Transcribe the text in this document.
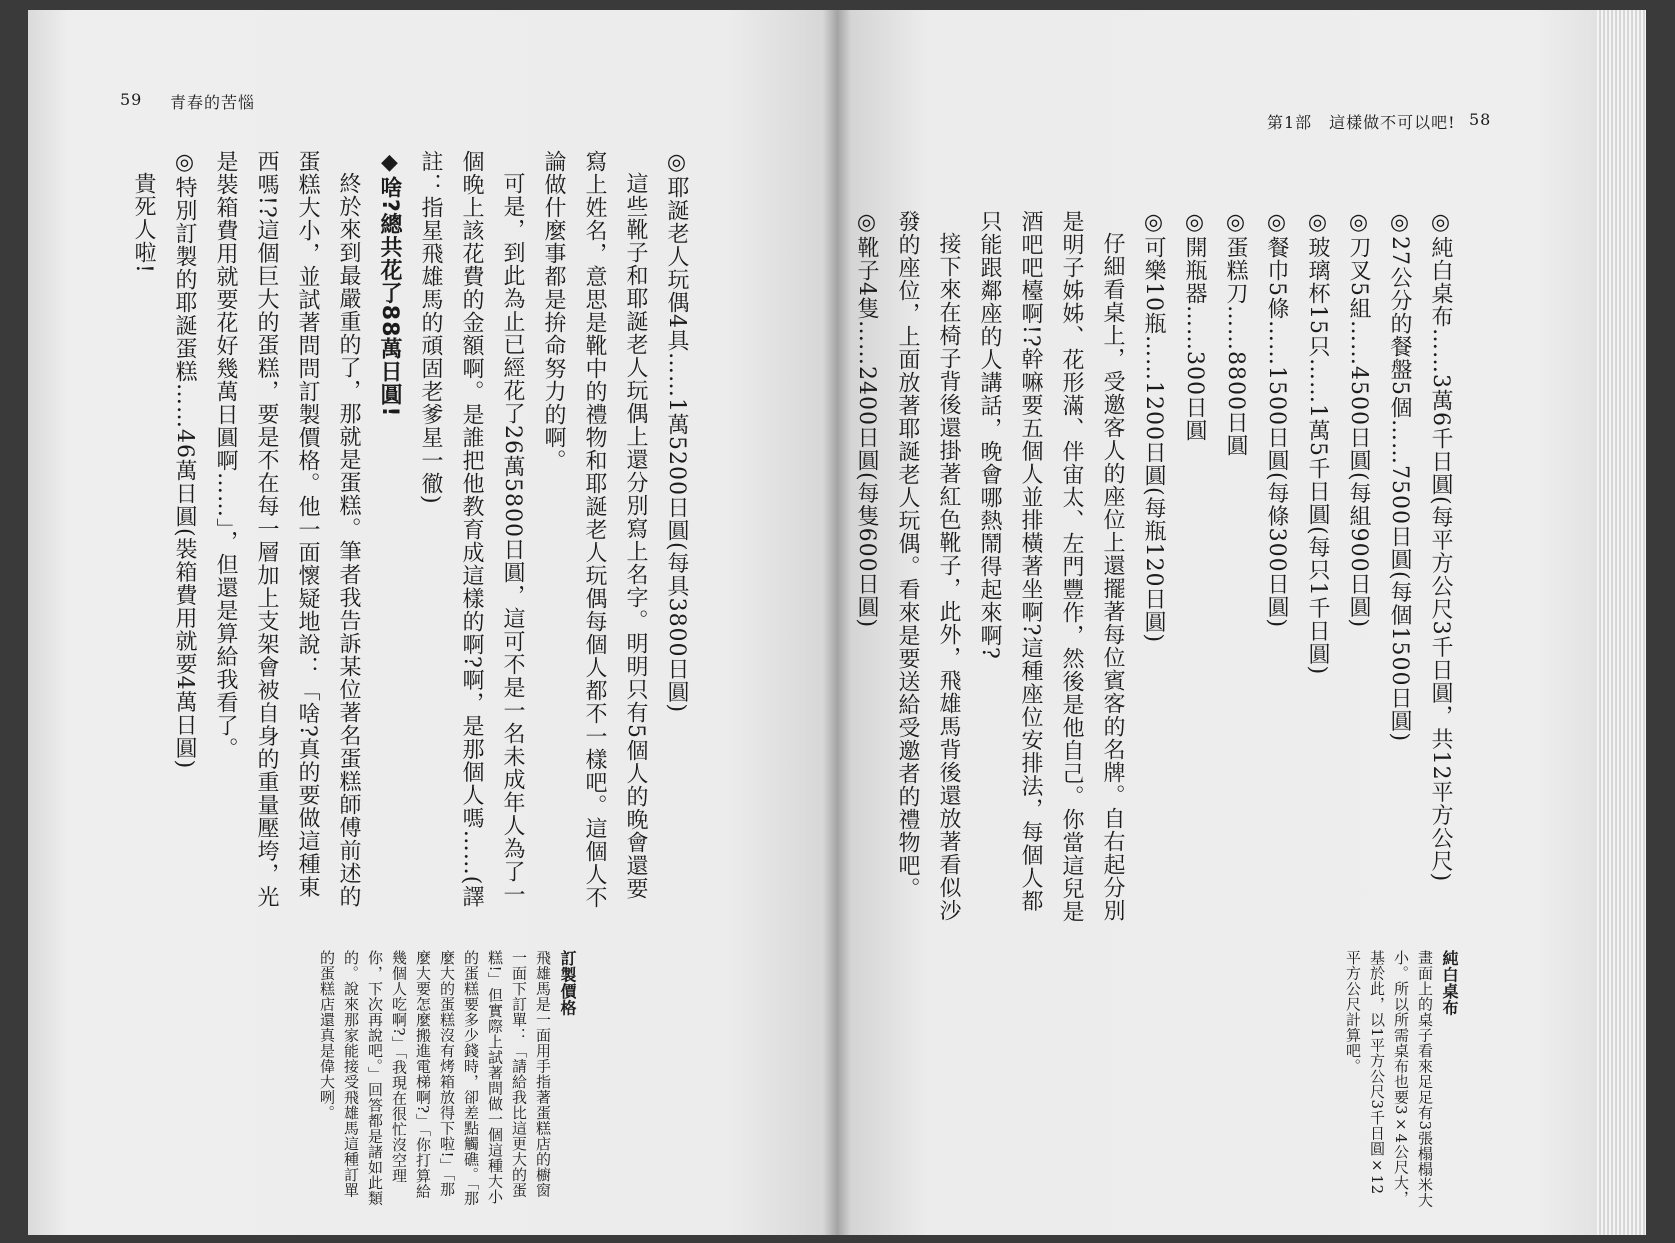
59 青春的苦惱

◎耶誕老人玩偶4具……1萬5200日圓(每具3800日圓)

這些靴子和耶誕老人玩偶上還分別寫上名字。明明只有5個人的晚會還要寫上姓名，意思是靴中的禮物和耶誕老人玩偶每個人都不一樣吧。這個人不論做什麼事都是拚命努力的啊。

可是，到此為止已經花了26萬5800日圓，這可不是一名未成年人為了一個晚上該花費的金額啊。是誰把他教育成這樣的啊?啊，是那個人嗎……(譯註：指星飛雄馬的頑固老爹星一徹)

◆啥?總共花了88萬日圓!

終於來到最嚴重的了，那就是蛋糕。筆者我告訴某位著名蛋糕師傅前述的蛋糕大小，並試著問問訂製價格。他一面懷疑地說：「啥?真的要做這種東西嗎!?這個巨大的蛋糕，要是不在每一層加上支架會被自身的重量壓垮，光是裝箱費用就要花好幾萬日圓啊……」，但還是算給我看了。

◎特別訂製的耶誕蛋糕……46萬日圓(裝箱費用就要4萬日圓)

貴死人啦!

訂製價格

飛雄馬是一面用手指著蛋糕店的櫥窗一面下訂單：「請給我比這更大的蛋糕!」但實際上試著問做一個這種大小的蛋糕要多少錢時，卻差點觸礁。「那麼大的蛋糕沒有烤箱放得下啦!」「那麼大要怎麼搬進電梯啊?」「你打算給幾個人吃啊?」「我現在很忙沒空理你，下次再說吧。」回答都是諸如此類的。說來那家能接受飛雄馬這種訂單的蛋糕店還真是偉大咧。

第1部　這樣做不可以吧! 58

◎純白桌布……3萬6千日圓(每平方公尺3千日圓，共12平方公尺)

◎27公分的餐盤5個……7500日圓(每個1500日圓)

◎刀叉5組……4500日圓(每組900日圓)

◎玻璃杯15只……1萬5千日圓(每只1千日圓)

◎餐巾5條……1500日圓(每條300日圓)

◎蛋糕刀……8800日圓

◎開瓶器……300日圓

◎可樂10瓶……1200日圓(每瓶120日圓)

仔細看桌上，受邀客人的座位上還擺著每位賓客的名牌。自右起分別是明子姊姊、花形滿、伴宙太、左門豐作，然後是他自己。你當這兒是酒吧吧檯啊!?幹嘛要五個人並排橫著坐啊?這種座位安排法，每個人都只能跟鄰座的人講話，晚會哪熱鬧得起來啊?

接下來在椅子背後還掛著紅色靴子，此外，飛雄馬背後還放著看似沙發的座位，上面放著耶誕老人玩偶。看來是要送給受邀者的禮物吧。

◎靴子4隻……2400日圓(每隻600日圓)

純白桌布

畫面上的桌子看來足足有3張榻榻米大小。所以所需桌布也要3×4公尺大，基於此，以1平方公尺3千日圓×12平方公尺計算吧。
